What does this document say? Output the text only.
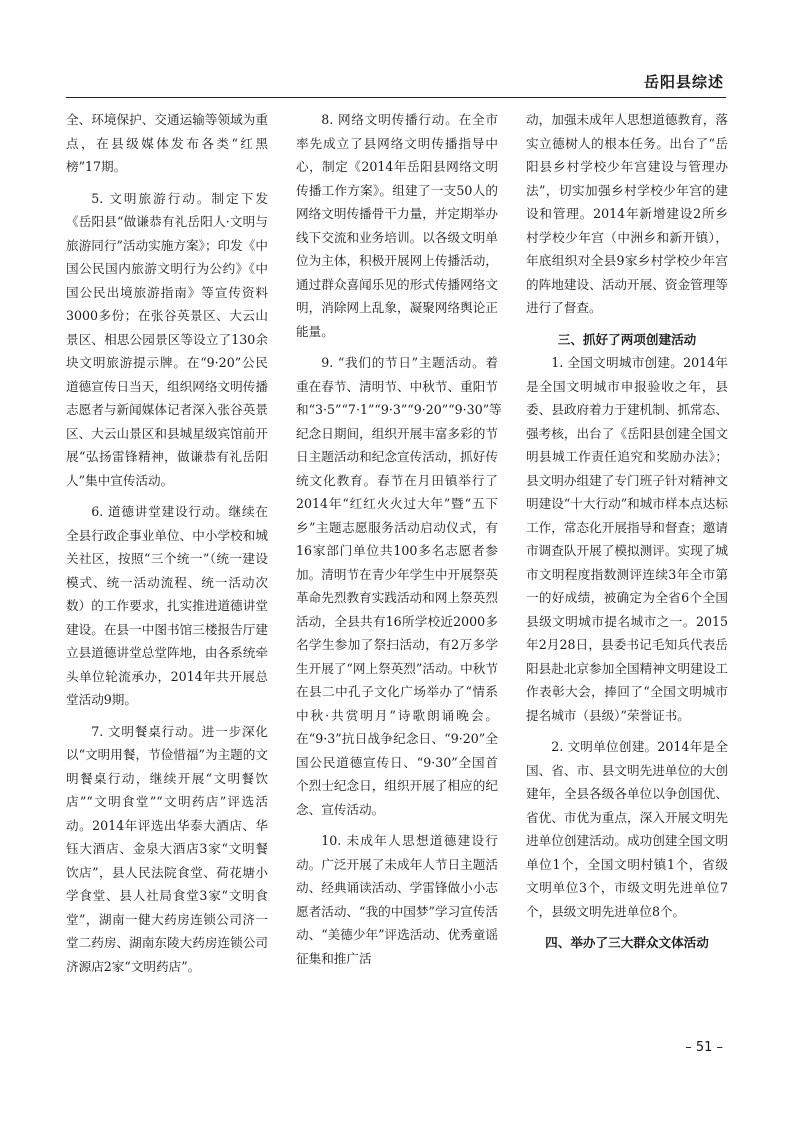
岳阳县综述

全、环境保护、交通运输等领域为重点，在县级媒体发布各类“红黑榜”17期。

5. 文明旅游行动。制定下发《岳阳县“做谦恭有礼岳阳人·文明与旅游同行”活动实施方案》；印发《中国公民国内旅游文明行为公约》《中国公民出境旅游指南》等宣传资料3000多份；在张谷英景区、大云山景区、相思公园景区等设立了130余块文明旅游提示牌。在“9·20”公民道德宣传日当天，组织网络文明传播志愿者与新闻媒体记者深入张谷英景区、大云山景区和县城星级宾馆前开展“弘扬雷锋精神，做谦恭有礼岳阳人”集中宣传活动。

6. 道德讲堂建设行动。继续在全县行政企事业单位、中小学校和城关社区，按照“三个统一”（统一建设模式、统一活动流程、统一活动次数）的工作要求，扎实推进道德讲堂建设。在县一中图书馆三楼报告厅建立县道德讲堂总堂阵地，由各系统牵头单位轮流承办，2014年共开展总堂活动9期。

7. 文明餐桌行动。进一步深化以“文明用餐，节俭惜福”为主题的文明餐桌行动，继续开展“文明餐饮店”“文明食堂”“文明药店”评选活动。2014年评选出华泰大酒店、华钰大酒店、金泉大酒店3家“文明餐饮店”，县人民法院食堂、荷花塘小学食堂、县人社局食堂3家“文明食堂”，湖南一健大药房连锁公司济一堂二药房、湖南东陵大药房连锁公司济源店2家“文明药店”。

8. 网络文明传播行动。在全市率先成立了县网络文明传播指导中心，制定《2014年岳阳县网络文明传播工作方案》。组建了一支50人的网络文明传播骨干力量，并定期举办线下交流和业务培训。以各级文明单位为主体，积极开展网上传播活动，通过群众喜闻乐见的形式传播网络文明，消除网上乱象，凝聚网络舆论正能量。

9. “我们的节日”主题活动。着重在春节、清明节、中秋节、重阳节和“3·5”“7·1”“9·3”“9·20”“9·30”等纪念日期间，组织开展丰富多彩的节日主题活动和纪念宣传活动，抓好传统文化教育。春节在月田镇举行了2014年“红红火火过大年”暨“五下乡”主题志愿服务活动启动仪式，有16家部门单位共100多名志愿者参加。清明节在青少年学生中开展祭英革命先烈教育实践活动和网上祭英烈活动，全县共有16所学校近2000多名学生参加了祭扫活动，有2万多学生开展了“网上祭英烈”活动。中秋节在县二中孔子文化广场举办了“情系中秋·共赏明月”诗歌朗诵晚会。在“9·3”抗日战争纪念日、“9·20”全国公民道德宣传日、“9·30”全国首个烈士纪念日，组织开展了相应的纪念、宣传活动。

10. 未成年人思想道德建设行动。广泛开展了未成年人节日主题活动、经典诵读活动、学雷锋做小小志愿者活动、“我的中国梦”学习宣传活动、“美德少年”评选活动、优秀童谣征集和推广活

动，加强未成年人思想道德教育，落实立德树人的根本任务。出台了“岳阳县乡村学校少年宫建设与管理办法”，切实加强乡村学校少年宫的建设和管理。2014年新增建设2所乡村学校少年宫（中洲乡和新开镇），年底组织对全县9家乡村学校少年宫的阵地建设、活动开展、资金管理等进行了督查。

三、抓好了两项创建活动

1. 全国文明城市创建。2014年是全国文明城市申报验收之年，县委、县政府着力于建机制、抓常态、强考核，出台了《岳阳县创建全国文明县城工作责任追究和奖励办法》；县文明办组建了专门班子针对精神文明建设“十大行动”和城市样本点达标工作，常态化开展指导和督查；邀请市调查队开展了模拟测评。实现了城市文明程度指数测评连续3年全市第一的好成绩，被确定为全省6个全国县级文明城市提名城市之一。2015年2月28日，县委书记毛知兵代表岳阳县赴北京参加全国精神文明建设工作表彰大会，捧回了“全国文明城市提名城市（县级）”荣誉证书。

2. 文明单位创建。2014年是全国、省、市、县文明先进单位的大创建年，全县各级各单位以争创国优、省优、市优为重点，深入开展文明先进单位创建活动。成功创建全国文明单位1个，全国文明村镇1个，省级文明单位3个，市级文明先进单位7个，县级文明先进单位8个。

四、举办了三大群众文体活动
– 51 –
